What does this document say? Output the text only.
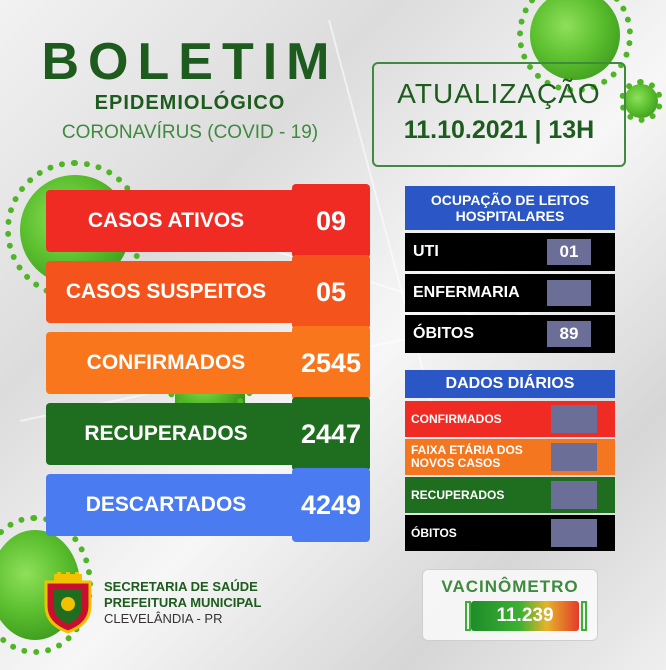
BOLETIM
EPIDEMIOLÓGICO
CORONAVÍRUS (COVID - 19)
ATUALIZAÇÃO
11.10.2021 | 13H
CASOS ATIVOS	09
CASOS SUSPEITOS	05
CONFIRMADOS	2545
RECUPERADOS	2447
DESCARTADOS	4249
OCUPAÇÃO DE LEITOS HOSPITALARES
UTI	01
ENFERMARIA
ÓBITOS	89
DADOS DIÁRIOS
CONFIRMADOS
FAIXA ETÁRIA DOS NOVOS CASOS
RECUPERADOS
ÓBITOS
SECRETARIA DE SAÚDE
PREFEITURA MUNICIPAL
CLEVELÂNDIA - PR
VACINÔMETRO
11.239
